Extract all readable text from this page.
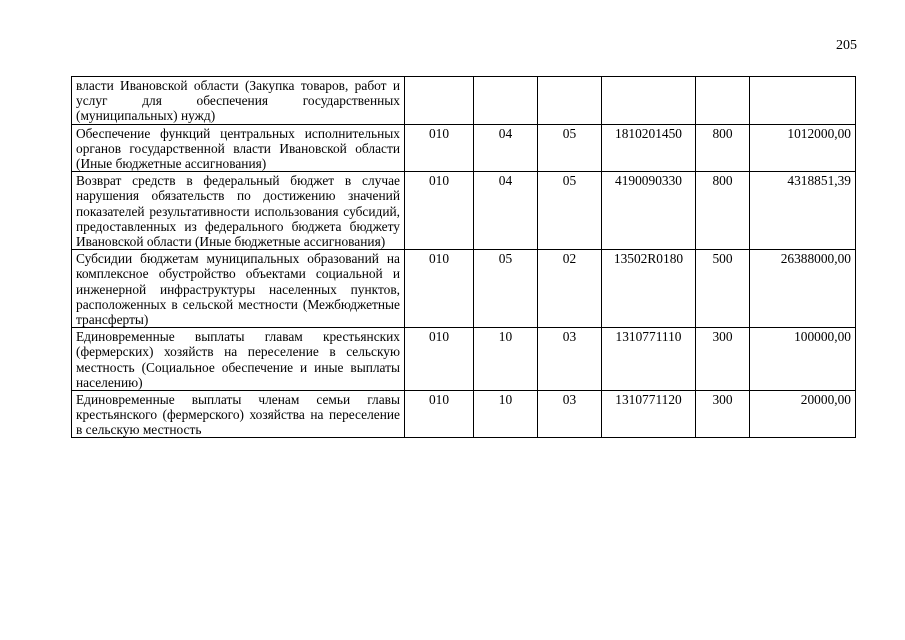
205
власти Ивановской области (Закупка товаров, работ и услуг для обеспечения государственных (муниципальных) нужд)						
Обеспечение функций центральных исполнительных органов государственной власти Ивановской области (Иные бюджетные ассигнования)	010	04	05	1810201450	800	1012000,00
Возврат средств в федеральный бюджет в случае нарушения обязательств по достижению значений показателей результативности использования субсидий, предоставленных из федерального бюджета бюджету Ивановской области (Иные бюджетные ассигнования)	010	04	05	4190090330	800	4318851,39
Субсидии бюджетам муниципальных образований на комплексное обустройство объектами социальной и инженерной инфраструктуры населенных пунктов, расположенных в сельской местности (Межбюджетные трансферты)	010	05	02	13502R0180	500	26388000,00
Единовременные выплаты главам крестьянских (фермерских) хозяйств на переселение в сельскую местность (Социальное обеспечение и иные выплаты населению)	010	10	03	1310771110	300	100000,00

Единовременные выплаты членам семьи главы крестьянского (фермерского) хозяйства на переселение в сельскую местность	010	10	03	1310771120	300	20000,00
